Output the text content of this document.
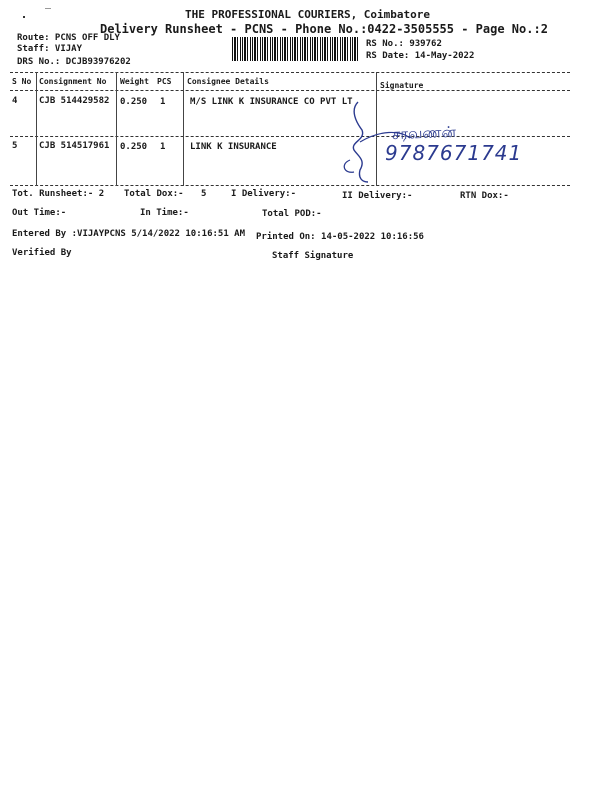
THE PROFESSIONAL COURIERS, Coimbatore
Delivery Runsheet - PCNS - Phone No.:0422-3505555 - Page No.:2
Route: PCNS OFF DLY
Staff: VIJAY
DRS No.: DCJB93976202
RS No.: 939762
RS Date: 14-May-2022
S No Consignment No Weight PCS Consignee Details	Signature
4 CJB 514429582 0.250 1	M/S LINK K INSURANCE CO PVT LT
5 CJB 514517961 0.250 1	LINK K INSURANCE
சரவணன்
9787671741
Tot. Runsheet:- 2 Total Dox:- 5	I Delivery:-	II Delivery:-	RTN Dox:-
Out Time:-	In Time:-	Total POD:-
Entered By :VIJAYPCNS 5/14/2022 10:16:51 AM Printed On: 14-05-2022 10:16:56
Verified By	Staff Signature
